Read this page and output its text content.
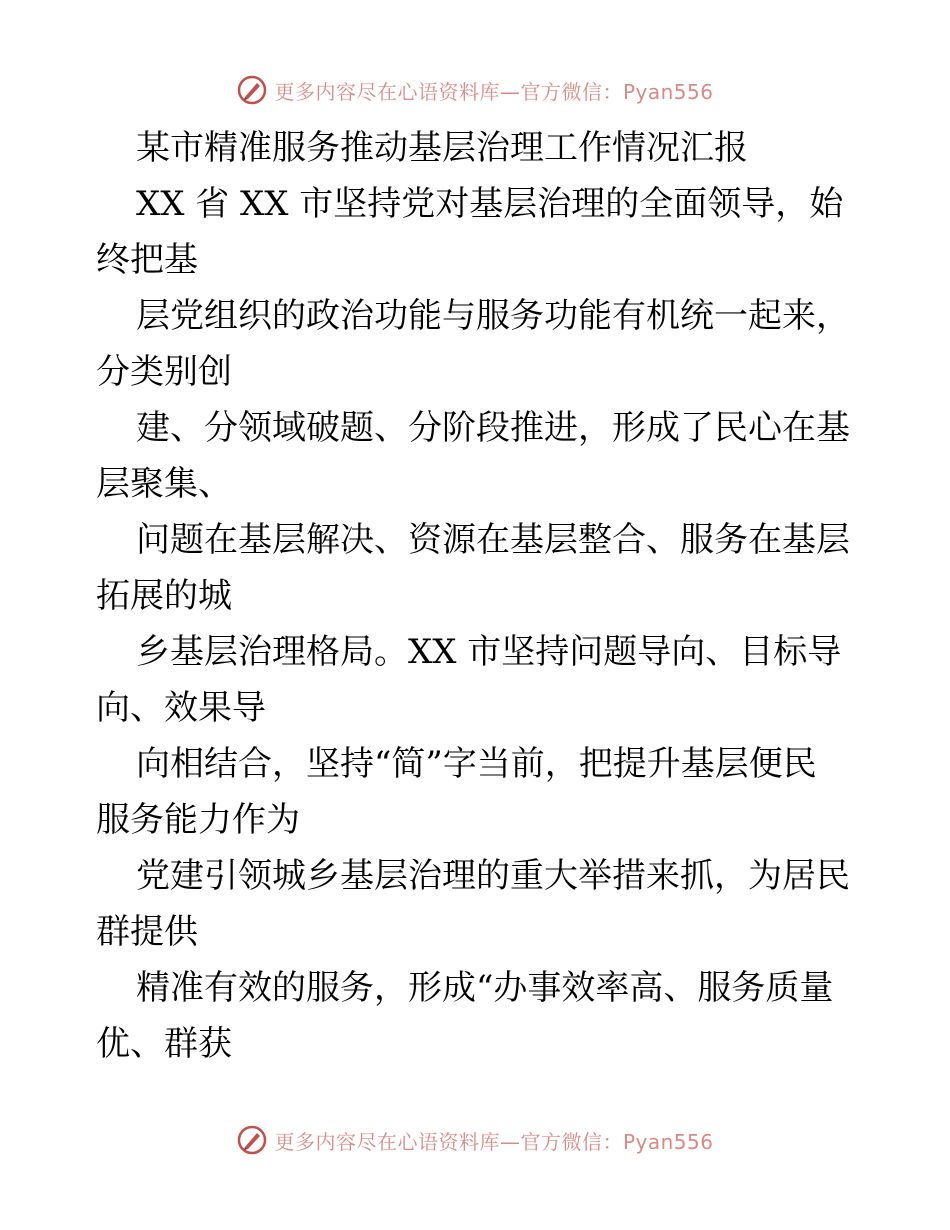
更多内容尽在心语资料库—官方微信：Pyan556
某市精准服务推动基层治理工作情况汇报
XX 省 XX 市坚持党对基层治理的全面领导，始
终把基
层党组织的政治功能与服务功能有机统一起来，
分类别创
建、分领域破题、分阶段推进，形成了民心在基
层聚集、
问题在基层解决、资源在基层整合、服务在基层
拓展的城
乡基层治理格局。XX 市坚持问题导向、目标导
向、效果导
向相结合，坚持“简”字当前，把提升基层便民
服务能力作为
党建引领城乡基层治理的重大举措来抓，为居民
群提供
精准有效的服务，形成“办事效率高、服务质量
优、群获
更多内容尽在心语资料库—官方微信：Pyan556
